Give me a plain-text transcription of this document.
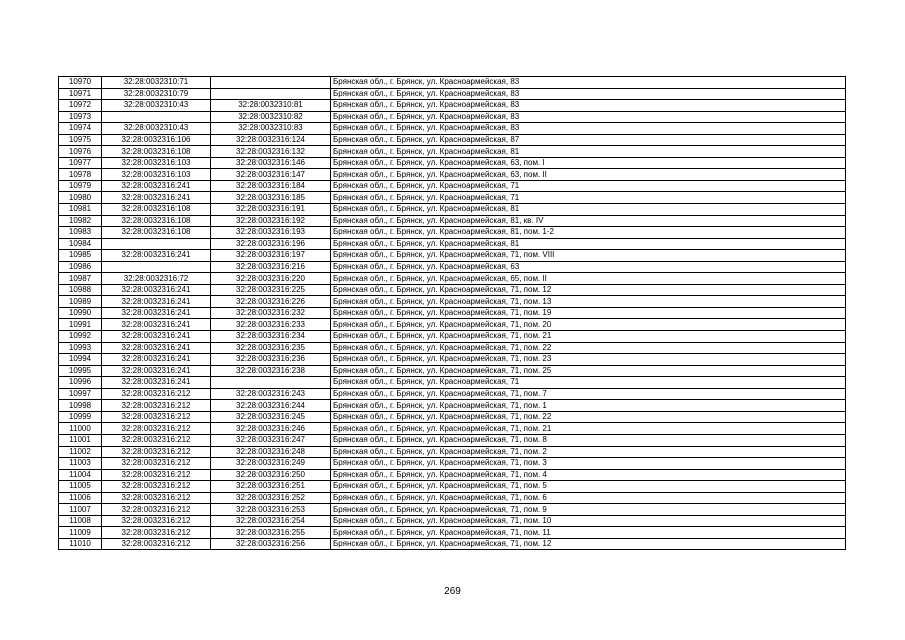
10970	32:28:0032310:71		Брянская обл., г. Брянск, ул. Красноармейская, 83
10971	32:28:0032310:79		Брянская обл., г. Брянск, ул. Красноармейская, 83
10972	32:28:0032310:43	32:28:0032310:81	Брянская обл., г. Брянск, ул. Красноармейская, 83
10973		32:28:0032310:82	Брянская обл., г. Брянск, ул. Красноармейская, 83
10974	32:28:0032310:43	32:28:0032310:83	Брянская обл., г. Брянск, ул. Красноармейская, 83
10975	32:28:0032316:106	32:28:0032316:124	Брянская обл., г. Брянск, ул. Красноармейская, 87
10976	32:28:0032316:108	32:28:0032316:132	Брянская обл., г. Брянск, ул. Красноармейская, 81
10977	32:28:0032316:103	32:28:0032316:146	Брянская обл., г. Брянск, ул. Красноармейская, 63, пом. I
10978	32:28:0032316:103	32:28:0032316:147	Брянская обл., г. Брянск, ул. Красноармейская, 63, пом. II
10979	32:28:0032316:241	32:28:0032316:184	Брянская обл., г. Брянск, ул. Красноармейская, 71
10980	32:28:0032316:241	32:28:0032316:185	Брянская обл., г. Брянск, ул. Красноармейская, 71
10981	32:28:0032316:108	32:28:0032316:191	Брянская обл., г. Брянск, ул. Красноармейская, 81
10982	32:28:0032316:108	32:28:0032316:192	Брянская обл., г. Брянск, ул. Красноармейская, 81, кв. IV
10983	32:28:0032316:108	32:28:0032316:193	Брянская обл., г. Брянск, ул. Красноармейская, 81, пом. 1-2
10984		32:28:0032316:196	Брянская обл., г. Брянск, ул. Красноармейская, 81
10985	32:28:0032316:241	32:28:0032316:197	Брянская обл., г. Брянск, ул. Красноармейская, 71, пом. VIII
10986		32:28:0032316:216	Брянская обл., г. Брянск, ул. Красноармейская, 63
10987	32:28:0032316:72	32:28:0032316:220	Брянская обл., г. Брянск, ул. Красноармейская, 65, пом. II
10988	32:28:0032316:241	32:28:0032316:225	Брянская обл., г. Брянск, ул. Красноармейская, 71, пом. 12
10989	32:28:0032316:241	32:28:0032316:226	Брянская обл., г. Брянск, ул. Красноармейская, 71, пом. 13
10990	32:28:0032316:241	32:28:0032316:232	Брянская обл., г. Брянск, ул. Красноармейская, 71, пом. 19
10991	32:28:0032316:241	32:28:0032316:233	Брянская обл., г. Брянск, ул. Красноармейская, 71, пом. 20
10992	32:28:0032316:241	32:28:0032316:234	Брянская обл., г. Брянск, ул. Красноармейская, 71, пом. 21
10993	32:28:0032316:241	32:28:0032316:235	Брянская обл., г. Брянск, ул. Красноармейская, 71, пом. 22
10994	32:28:0032316:241	32:28:0032316:236	Брянская обл., г. Брянск, ул. Красноармейская, 71, пом. 23
10995	32:28:0032316:241	32:28:0032316:238	Брянская обл., г. Брянск, ул. Красноармейская, 71, пом. 25
10996	32:28:0032316:241		Брянская обл., г. Брянск, ул. Красноармейская, 71
10997	32:28:0032316:212	32:28:0032316:243	Брянская обл., г. Брянск, ул. Красноармейская, 71, пом. 7
10998	32:28:0032316:212	32:28:0032316:244	Брянская обл., г. Брянск, ул. Красноармейская, 71, пом. 1
10999	32:28:0032316:212	32:28:0032316:245	Брянская обл., г. Брянск, ул. Красноармейская, 71, пом. 22
11000	32:28:0032316:212	32:28:0032316:246	Брянская обл., г. Брянск, ул. Красноармейская, 71, пом. 21
11001	32:28:0032316:212	32:28:0032316:247	Брянская обл., г. Брянск, ул. Красноармейская, 71, пом. 8
11002	32:28:0032316:212	32:28:0032316:248	Брянская обл., г. Брянск, ул. Красноармейская, 71, пом. 2
11003	32:28:0032316:212	32:28:0032316:249	Брянская обл., г. Брянск, ул. Красноармейская, 71, пом. 3
11004	32:28:0032316:212	32:28:0032316:250	Брянская обл., г. Брянск, ул. Красноармейская, 71, пом. 4
11005	32:28:0032316:212	32:28:0032316:251	Брянская обл., г. Брянск, ул. Красноармейская, 71, пом. 5
11006	32:28:0032316:212	32:28:0032316:252	Брянская обл., г. Брянск, ул. Красноармейская, 71, пом. 6
11007	32:28:0032316:212	32:28:0032316:253	Брянская обл., г. Брянск, ул. Красноармейская, 71, пом. 9
11008	32:28:0032316:212	32:28:0032316:254	Брянская обл., г. Брянск, ул. Красноармейская, 71, пом. 10
11009	32:28:0032316:212	32:28:0032316:255	Брянская обл., г. Брянск, ул. Красноармейская, 71, пом. 11
11010	32:28:0032316:212	32:28:0032316:256	Брянская обл., г. Брянск, ул. Красноармейская, 71, пом. 12
269
